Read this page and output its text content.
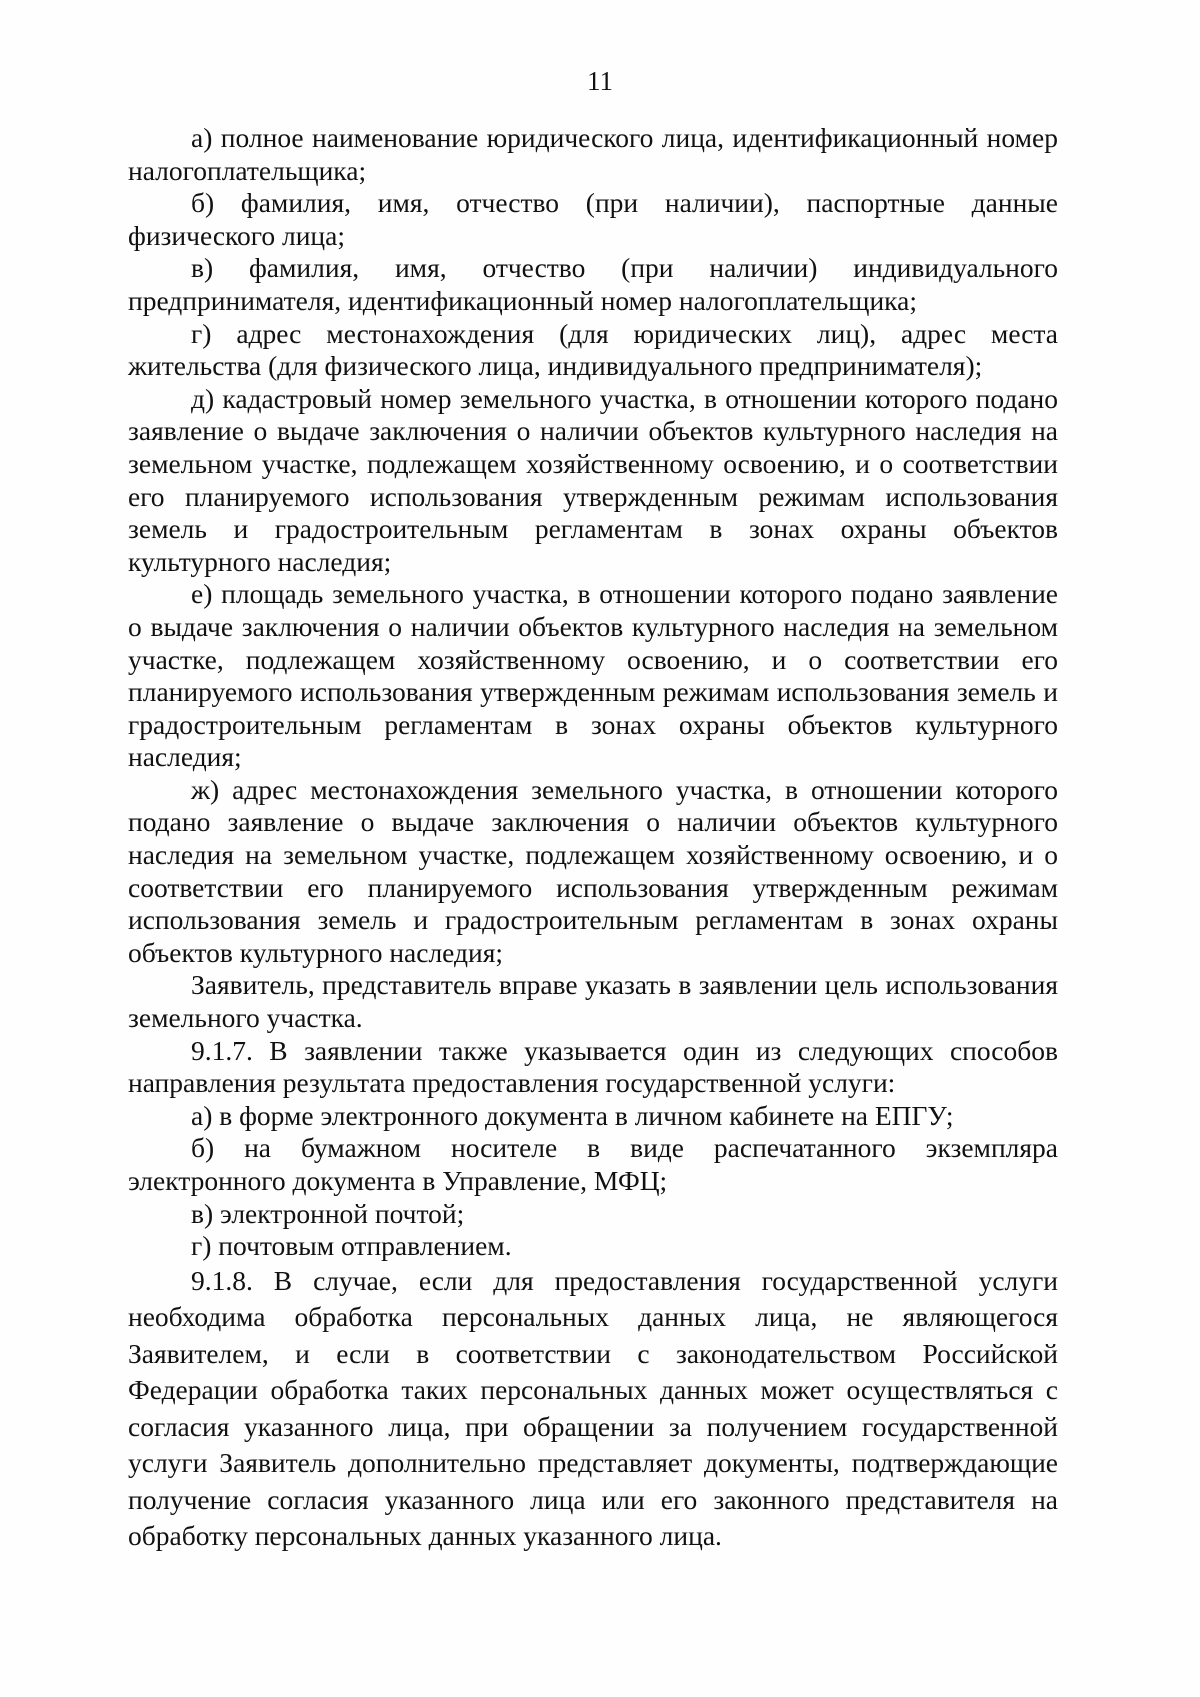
11

а) полное наименование юридического лица, идентификационный номер налогоплательщика;

б) фамилия, имя, отчество (при наличии), паспортные данные физического лица;

в) фамилия, имя, отчество (при наличии) индивидуального предпринимателя, идентификационный номер налогоплательщика;

г) адрес местонахождения (для юридических лиц), адрес места жительства (для физического лица, индивидуального предпринимателя);

д) кадастровый номер земельного участка, в отношении которого подано заявление о выдаче заключения о наличии объектов культурного наследия на земельном участке, подлежащем хозяйственному освоению, и о соответствии его планируемого использования утвержденным режимам использования земель и градостроительным регламентам в зонах охраны объектов культурного наследия;

е) площадь земельного участка, в отношении которого подано заявление о выдаче заключения о наличии объектов культурного наследия на земельном участке, подлежащем хозяйственному освоению, и о соответствии его планируемого использования утвержденным режимам использования земель и градостроительным регламентам в зонах охраны объектов культурного наследия;

ж) адрес местонахождения земельного участка, в отношении которого подано заявление о выдаче заключения о наличии объектов культурного наследия на земельном участке, подлежащем хозяйственному освоению, и о соответствии его планируемого использования утвержденным режимам использования земель и градостроительным регламентам в зонах охраны объектов культурного наследия;

Заявитель, представитель вправе указать в заявлении цель использования земельного участка.

9.1.7. В заявлении также указывается один из следующих способов направления результата предоставления государственной услуги:

а) в форме электронного документа в личном кабинете на ЕПГУ;

б) на бумажном носителе в виде распечатанного экземпляра электронного документа в Управление, МФЦ;

в) электронной почтой;

г) почтовым отправлением.

9.1.8. В случае, если для предоставления государственной услуги необходима обработка персональных данных лица, не являющегося Заявителем, и если в соответствии с законодательством Российской Федерации обработка таких персональных данных может осуществляться с согласия указанного лица, при обращении за получением государственной услуги Заявитель дополнительно представляет документы, подтверждающие получение согласия указанного лица или его законного представителя на обработку персональных данных указанного лица.
